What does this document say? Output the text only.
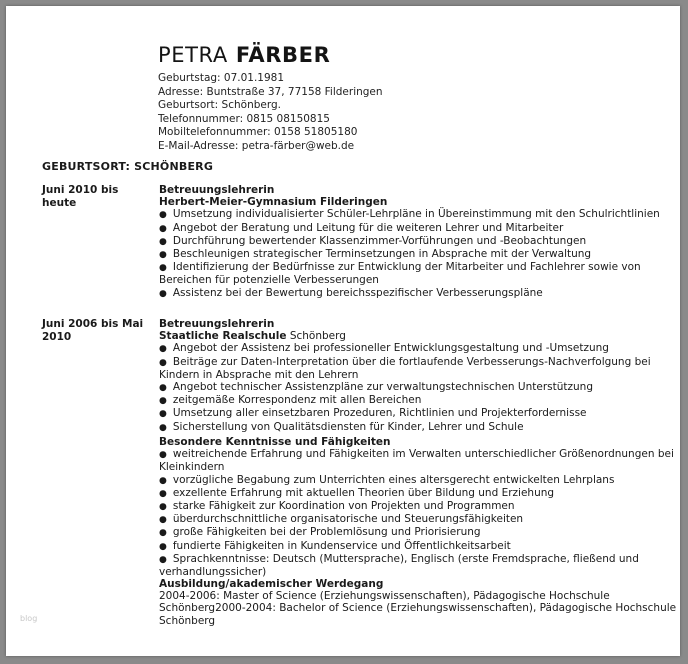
PETRA FÄRBER
Geburtstag: 07.01.1981
Adresse: Buntstraße 37, 77158 Filderingen
Geburtsort: Schönberg.
Telefonnummer: 0815 08150815
Mobiltelefonnummer: 0158 51805180
E-Mail-Adresse: petra-färber@web.de
GEBURTSORT: SCHÖNBERG
Juni 2010 bis heute
Betreuungslehrerin
Herbert-Meier-Gymnasium Filderingen
● Umsetzung individualisierter Schüler-Lehrpläne in Übereinstimmung mit den Schulrichtlinien
● Angebot der Beratung und Leitung für die weiteren Lehrer und Mitarbeiter
● Durchführung bewertender Klassenzimmer-Vorführungen und -Beobachtungen
● Beschleunigen strategischer Terminsetzungen in Absprache mit der Verwaltung
● Identifizierung der Bedürfnisse zur Entwicklung der Mitarbeiter und Fachlehrer sowie von Bereichen für potenzielle Verbesserungen
● Assistenz bei der Bewertung bereichsspezifischer Verbesserungspläne
Juni 2006 bis Mai 2010
Betreuungslehrerin
Staatliche Realschule Schönberg
● Angebot der Assistenz bei professioneller Entwicklungsgestaltung und -Umsetzung
● Beiträge zur Daten-Interpretation über die fortlaufende Verbesserungs-Nachverfolgung bei Kindern in Absprache mit den Lehrern
● Angebot technischer Assistenzpläne zur verwaltungstechnischen Unterstützung
● zeitgemäße Korrespondenz mit allen Bereichen
● Umsetzung aller einsetzbaren Prozeduren, Richtlinien und Projekterfordernisse
● Sicherstellung von Qualitätsdiensten für Kinder, Lehrer und Schule
Besondere Kenntnisse und Fähigkeiten
● weitreichende Erfahrung und Fähigkeiten im Verwalten unterschiedlicher Größenordnungen bei Kleinkindern
● vorzügliche Begabung zum Unterrichten eines altersgerecht entwickelten Lehrplans
● exzellente Erfahrung mit aktuellen Theorien über Bildung und Erziehung
● starke Fähigkeit zur Koordination von Projekten und Programmen
● überdurchschnittliche organisatorische und Steuerungsfähigkeiten
● große Fähigkeiten bei der Problemlösung und Priorisierung
● fundierte Fähigkeiten in Kundenservice und Öffentlichkeitsarbeit
● Sprachkenntnisse: Deutsch (Muttersprache), Englisch (erste Fremdsprache, fließend und verhandlungssicher)
Ausbildung/akademischer Werdegang
2004-2006: Master of Science (Erziehungswissenschaften), Pädagogische Hochschule Schönberg2000-2004: Bachelor of Science (Erziehungswissenschaften), Pädagogische Hochschule Schönberg
blog
